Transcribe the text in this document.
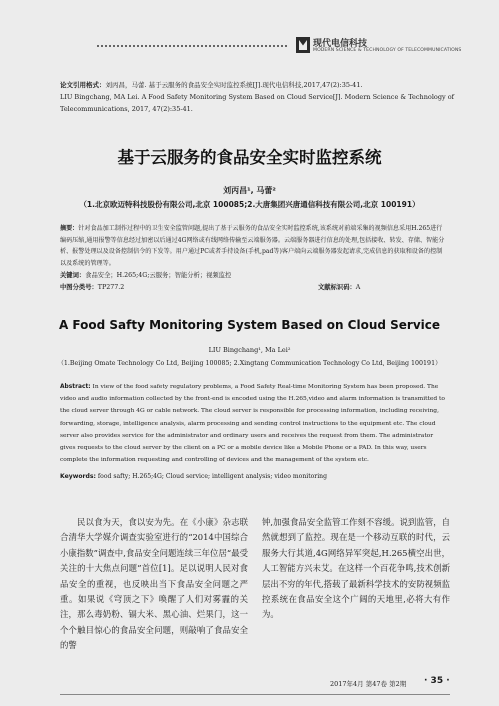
现代电信科技
MODERN SCIENCE & TECHNOLOGY OF TELECOMMUNICATIONS
论文引用格式：刘丙昌，马蕾. 基于云服务的食品安全实时监控系统[J].现代电信科技,2017,47(2):35-41.
LIU Bingchang, MA Lei. A Food Safety Monitoring System Based on Cloud Service[J]. Modern Science & Technology of Telecommunications, 2017, 47(2):35-41.
基于云服务的食品安全实时监控系统
刘丙昌¹, 马蕾²
（1.北京欧迈特科技股份有限公司,北京 100085;2.大唐集团兴唐通信科技有限公司,北京 100191）
摘要：针对食品加工制作过程中的卫生安全监管问题,提出了基于云服务的食品安全实时监控系统,该系统对前端采集的视频信息采用H.265进行编码压缩,通用报警等信息经过加密以后通过4G网络或有线网络传输至云端服务器。云端服务器进行信息的处理,包括接收、转发、存储、智能分析、报警处理以及设备控制信令的下发等。用户通过PC或者手持设备(手机,pad等)客户端向云端服务器发起请求,完成信息的获取和设备的控制以及系统的管理等。
关键词：食品安全；H.265;4G;云服务；智能分析；视频监控
中图分类号：TP277.2	文献标识码：A
A Food Safty Monitoring System Based on Cloud Service
LIU Bingchang¹, Ma Lei²
（1.Beijing Omate Technology Co Ltd, Beijing 100085; 2.Xingtang Communication Technology Co Ltd, Beijing 100191）
Abstract: In view of the food safety regulatory problems, a Food Safety Real-time Monitoring System has been proposed. The video and audio information collected by the front-end is encoded using the H.265,video and alarm information is transmitted to the cloud server through 4G or cable network. The cloud server is responsible for processing information, including receiving, forwarding, storage, intelligence analysis, alarm processing and sending control instructions to the equipment etc. The cloud server also provides service for the administrator and ordinary users and receives the request from them. The administrator gives requests to the cloud server by the client on a PC or a mobile device like a Mobile Phone or a PAD. In this way, users complete the information requesting and controlling of devices and the management of the system etc.
Keywords: food safty; H.265;4G; Cloud service; intelligent analysis; video monitoring
民以食为天，食以安为先。在《小康》杂志联合清华大学媒介调查实验室进行的“2014中国综合小康指数”调查中,食品安全问题连续三年位居“最受关注的十大焦点问题”首位[1]。足以说明人民对食品安全的重视，也反映出当下食品安全问题之严重。如果说《穹顶之下》唤醒了人们对雾霾的关注，那么毒奶粉、镉大米、黑心油、烂果门，这一个个触目惊心的食品安全问题，则敲响了食品安全的警
钟,加强食品安全监管工作刻不容缓。说到监管，自然就想到了监控。现在是一个移动互联的时代，云服务大行其道,4G网络异军突起,H.265横空出世，人工智能方兴未艾。在这样一个百花争鸣,技术创新层出不穷的年代,搭载了最新科学技术的安防视频监控系统在食品安全这个广阔的天地里,必将大有作为。
2017年4月 第47卷 第2期 · 35 ·
